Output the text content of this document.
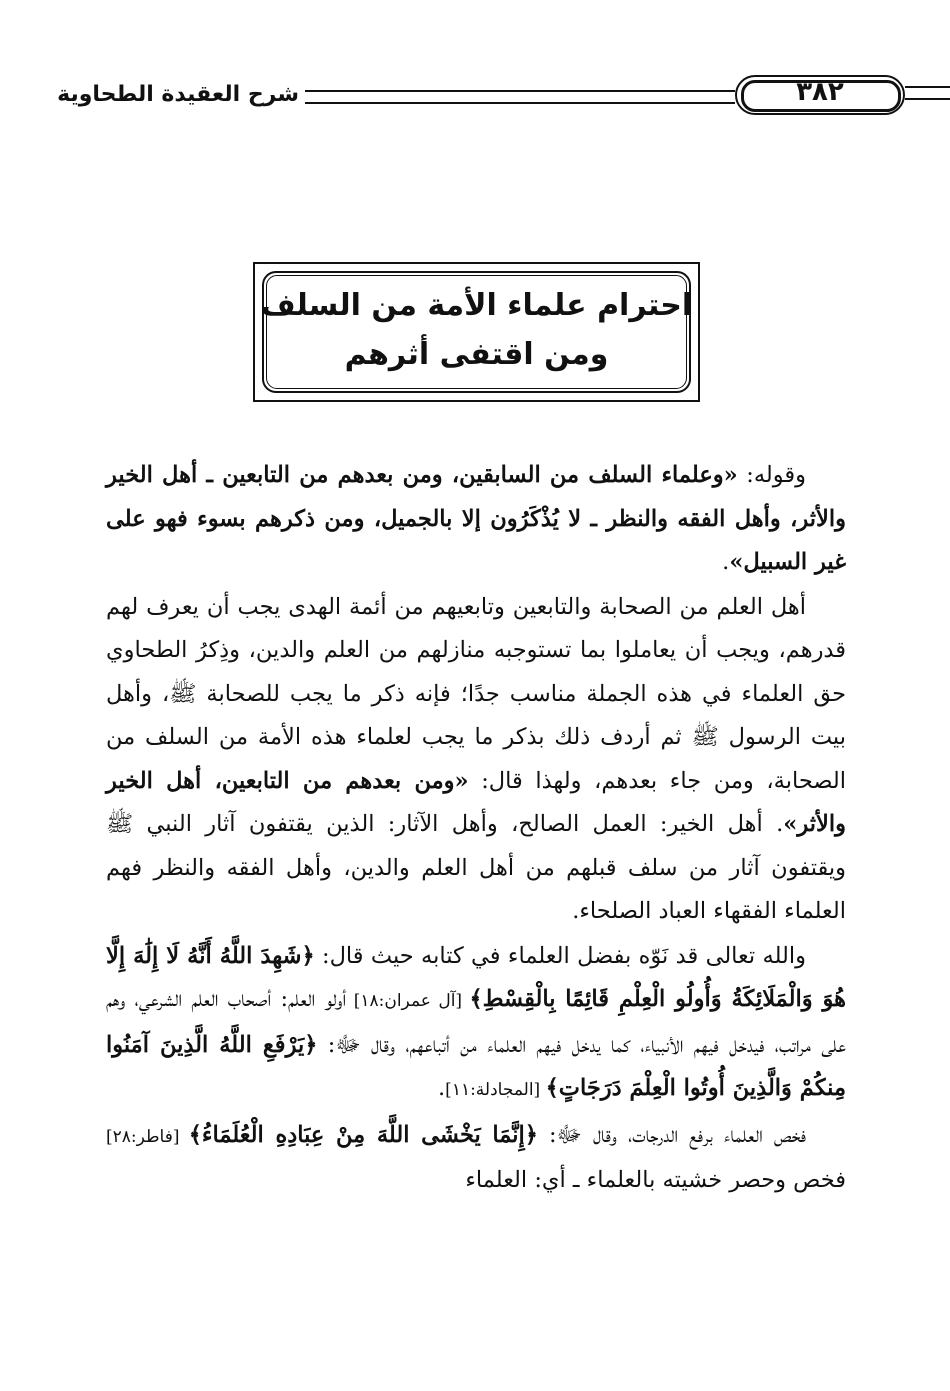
شرح العقيدة الطحاوية	٣٨٢
احترام علماء الأمة من السلف
ومن اقتفى أثرهم

وقوله: «وعلماء السلف من السابقين، ومن بعدهم من التابعين ـ أهل الخير والأثر، وأهل الفقه والنظر ـ لا يُذْكَرُون إلا بالجميل، ومن ذكرهم بسوء فهو على غير السبيل».

أهل العلم من الصحابة والتابعين وتابعيهم من أئمة الهدى يجب أن يعرف لهم قدرهم، ويجب أن يعاملوا بما تستوجبه منازلهم من العلم والدين، وذِكرُ الطحاوي حق العلماء في هذه الجملة مناسب جدًا؛ فإنه ذكر ما يجب للصحابة ﷺ، وأهل بيت الرسول ﷺ ثم أردف ذلك بذكر ما يجب لعلماء هذه الأمة من السلف من الصحابة، ومن جاء بعدهم، ولهذا قال: «ومن بعدهم من التابعين، أهل الخير والأثر». أهل الخير: العمل الصالح، وأهل الآثار: الذين يقتفون آثار النبي ﷺ ويقتفون آثار من سلف قبلهم من أهل العلم والدين، وأهل الفقه والنظر فهم العلماء الفقهاء العباد الصلحاء.

والله تعالى قد نَوّه بفضل العلماء في كتابه حيث قال: ﴿شَهِدَ اللَّهُ أَنَّهُ لَا إِلَٰهَ إِلَّا هُوَ وَالْمَلَائِكَةُ وَأُولُو الْعِلْمِ قَائِمًا بِالْقِسْطِ﴾ [آل عمران:١٨] أولو العلم: أصحاب العلم الشرعي، وهم على مراتب، فيدخل فيهم الأنبياء، كما يدخل فيهم العلماء من أتباعهم، وقال ﷻ: ﴿يَرْفَعِ اللَّهُ الَّذِينَ آمَنُوا مِنكُمْ وَالَّذِينَ أُوتُوا الْعِلْمَ دَرَجَاتٍ﴾ [المجادلة:١١].

فخص العلماء برفع الدرجات، وقال ﷻ: ﴿إِنَّمَا يَخْشَى اللَّهَ مِنْ عِبَادِهِ الْعُلَمَاءُ﴾ [فاطر:٢٨] فخص وحصر خشيته بالعلماء ـ أي: العلماء
